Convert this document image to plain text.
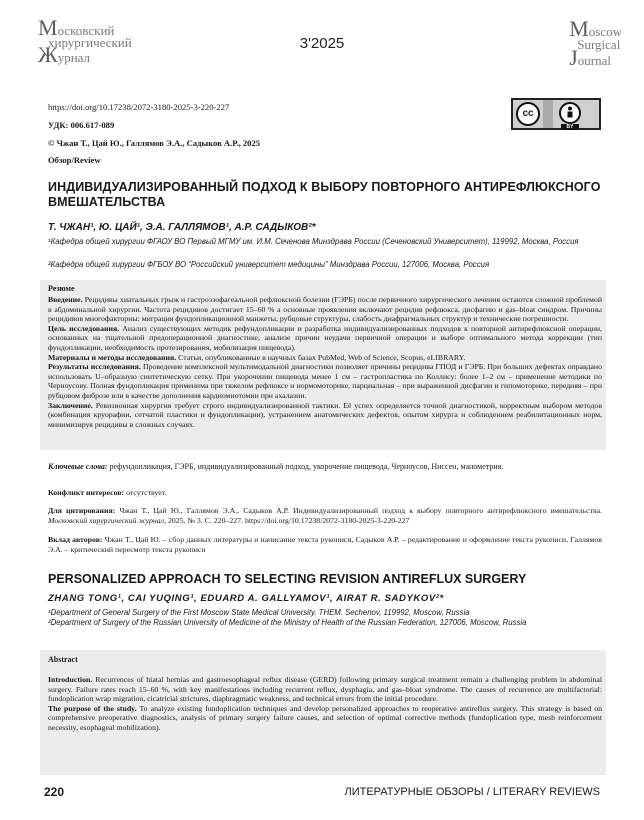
Московский
хирургический
Журнал
3'2025
Moscow
Surgical
Journal
https://doi.org/10.17238/2072-3180-2025-3-220-227
УДК: 006.617-089
© Чжан Т., Цай Ю., Галлямов Э.А., Садыков А.Р., 2025
Обзор/Review
cc
BY
ИНДИВИДУАЛИЗИРОВАННЫЙ ПОДХОД К ВЫБОРУ ПОВТОРНОГО АНТИРЕФЛЮКСНОГО ВМЕШАТЕЛЬСТВА
Т. ЧЖАН¹, Ю. ЦАЙ¹, Э.А. ГАЛЛЯМОВ¹, А.Р. САДЫКОВ²*
¹Кафедра общей хирургии ФГАОУ ВО Первый МГМУ им. И.М. Сеченова Минздрава России (Сеченовский Университет), 119992, Москва, Россия
²Кафедра общей хирургии ФГБОУ ВО “Российский университет медицины” Минздрава России, 127006, Москва, Россия
Резюме
Введение. Рецидивы хиатальных грыж и гастроэзофагеальной рефлюксной болезни (ГЭРБ) после первичного хирургического лечения остаются сложной проблемой в абдоминальной хирургии. Частота рецидивов достигает 15–60 % а основные проявления включают рецидив рефлюкса, дисфагию и gas–bloat синдром. Причины рецидивов многофакторны: миграция фундопликационной манжеты, рубцовые структуры, слабость диафрагмальных структур и технические погрешности.
Цель исследования. Анализ существующих методик рефундопликации и разработка индивидуализированных подходов к повторной антирефлюксной операции, основанных на тщательной предоперационной диагностике, анализе причин неудачи первичной операции и выборе оптимального метода коррекции (тип фундопликации, необходимость протезирования, мобилизация пищевода).
Материалы и методы исследования. Статьи, опубликованные в научных базах PubMed, Web of Science, Scopus, eLIBRARY.
Результаты исследования. Проведение комплексной мультимодальной диагностики позволяет причины рецидива ГПОД и ГЭРБ. При больших дефектах оправдано использовать U–образную синтетическую сетку. При укорочении пищевода менее 1 см – гастропластика по Коллису: более 1–2 см – применение методики по Черноусову. Полная фундопликация применима при тяжелом рефлюксе и нормомоторике, парциальная – при выраженной дисфагии и гипомоторике, передняя – при рубцовом фиброзе или в качестве дополнения кардиомиотомии при ахалазии.
Заключение. Ревизионная хирургия требует строго индивидуализированной тактики. Её успех определяется точной диагностикой, корректным выбором методов (комбинация круорафии, сетчатой пластики и фундопликации), устранением анатомических дефектов, опытом хирурга и соблюдением реабилитационных норм, минимизируя рецидивы в сложных случаях.
Ключевые слова: рефундопликация, ГЭРБ, индивидуализированный подход, укорочение пищевода, Черноусов, Ниссен, манометрия.
Конфликт интересов: отсутствует.
Для цитирования: Чжан Т., Цай Ю., Галлямов Э.А., Садыков А.Р. Индивидуализированный подход к выбору повторного антирефлюксного вмешательства. Московский хирургический журнал, 2025. № 3. С. 220–227. https://doi.org/10.17238/2072-3180-2025-3-220-227
Вклад авторов: Чжан Т., Цай Ю. – сбор данных литературы и написание текста рукописи, Садыков А.Р. – редактирование и оформление текста рукописи, Галлямов Э.А. – критический пересмотр текста рукописи
PERSONALIZED APPROACH TO SELECTING REVISION ANTIREFLUX SURGERY
ZHANG TONG¹, CAI YUQING¹, EDUARD A. GALLYAMOV¹, AIRAT R. SADYKOV²*
¹Department of General Surgery of the First Moscow State Medical University. THEM. Sechenov, 119992, Moscow, Russia
²Department of Surgery of the Russian University of Medicine of the Ministry of Health of the Russian Federation, 127006, Moscow, Russia
Abstract
Introduction. Recurrences of hiatal hernias and gastroesophageal reflux disease (GERD) following primary surgical treatment remain a challenging problem in abdominal surgery. Failure rates reach 15–60 %, with key manifestations including recurrent reflux, dysphagia, and gas–bloat syndrome. The causes of recurrence are multifactorial: fundoplication wrap migration, cicatricial strictures, diaphragmatic weakness, and technical errors from the initial procedure.
The purpose of the study. To analyze existing fundoplication techniques and develop personalized approaches to reoperative antireflux surgery. This strategy is based on comprehensive preoperative diagnostics, analysis of primary surgery failure causes, and selection of optimal corrective methods (fundoplication type, mesh reinforcement necessity, esophageal mobilization).
220	ЛИТЕРАТУРНЫЕ ОБЗОРЫ / LITERARY REVIEWS
